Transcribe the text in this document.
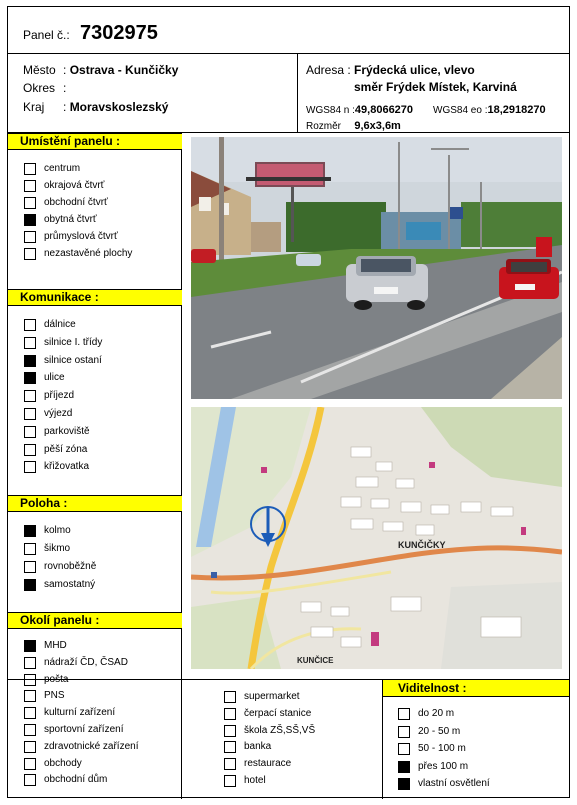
Panel č.: 7302975
Město : Ostrava - Kunčičky
Okres :
Kraj : Moravskoslezský
Adresa : Frýdecká ulice, vlevo
směr Frýdek Místek, Karviná
WGS84 n :49,8066270 WGS84 eo :18,2918270
Rozměr 9,6x3,6m
Umístění panelu :
centrum
okrajová čtvrť
obchodní čtvrť
obytná čtvrť
průmyslová čtvrť
nezastavěné plochy
Komunikace :
dálnice
silnice I. třídy
silnice ostaní
ulice
příjezd
výjezd
parkoviště
pěší zóna
křižovatka
Poloha :
kolmo
šikmo
rovnoběžně
samostatný
Okolí panelu :
MHD
nádraží ČD, ČSAD
pošta
PNS
kulturní zařízení
sportovní zařízení
zdravotnické zařízení
obchody
obchodní dům
KUNČIČKY
KUNČICE
supermarket
čerpací stanice
škola ZŠ,SŠ,VŠ
banka
restaurace
hotel
Viditelnost :
do 20 m
20 - 50 m
50 - 100 m
přes 100 m
vlastní osvětlení
